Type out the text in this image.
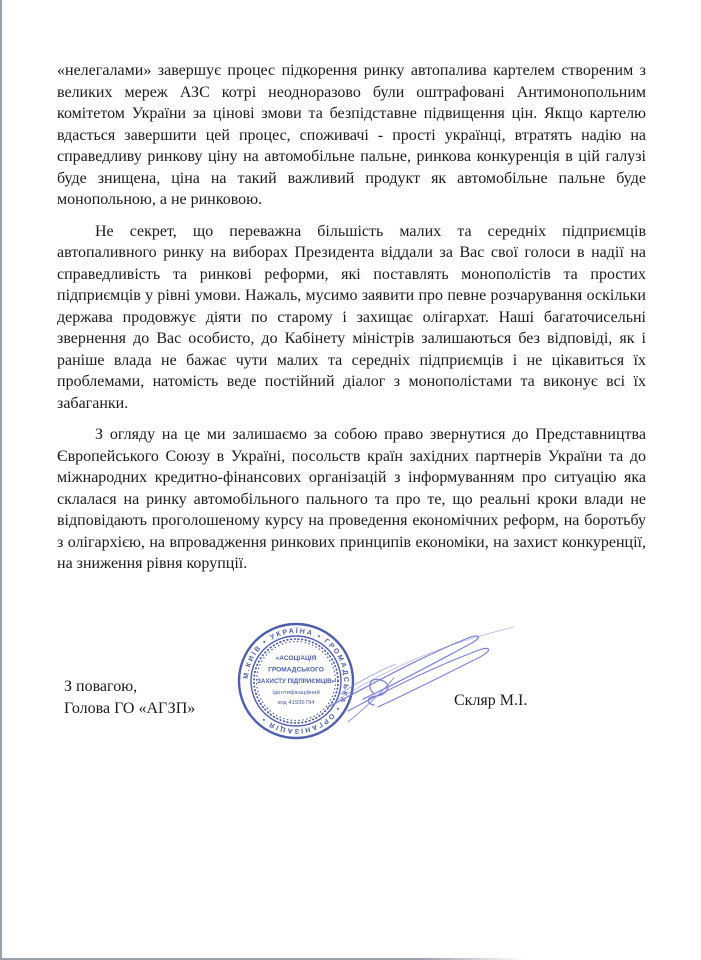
«нелегалами» завершує процес підкорення ринку автопалива картелем створеним з великих мереж АЗС котрі неодноразово були оштрафовані Антимонопольним комітетом України за цінові змови та безпідставне підвищення цін. Якщо картелю вдасться завершити цей процес, споживачі - прості українці, втратять надію на справедливу ринкову ціну на автомобільне пальне, ринкова конкуренція в цій галузі буде знищена, ціна на такий важливий продукт як автомобільне пальне буде монопольною, а не ринковою.

Не секрет, що переважна більшість малих та середніх підприємців автопаливного ринку на виборах Президента віддали за Вас свої голоси в надії на справедливість та ринкові реформи, які поставлять монополістів та простих підприємців у рівні умови. Нажаль, мусимо заявити про певне розчарування оскільки держава продовжує діяти по старому і захищає олігархат. Наші багаточисельні звернення до Вас особисто, до Кабінету міністрів залишаються без відповіді, як і раніше влада не бажає чути малих та середніх підприємців і не цікавиться їх проблемами, натомість веде постійний діалог з монополістами та виконує всі їх забаганки.

З огляду на це ми залишаємо за собою право звернутися до Представництва Європейського Союзу в Україні, посольств країн західних партнерів України та до міжнародних кредитно-фінансових організацій з інформуванням про ситуацію яка склалася на ринку автомобільного пального та про те, що реальні кроки влади не відповідають проголошеному курсу на проведення економічних реформ, на боротьбу з олігархією, на впровадження ринкових принципів економіки, на захист конкуренції, на зниження рівня корупції.

З повагою,
Голова ГО «АГЗП»	Скляр М.І.
М.КИЇВ • УКРАЇНА • ГРОМАДСЬКА • ОРГАНІЗАЦІЯ •
«АСОЦІАЦІЯ
ГРОМАДСЬКОГО
ЗАХИСТУ ПІДПРИЄМЦІВ»
Ідентифікаційний
код 41936794
